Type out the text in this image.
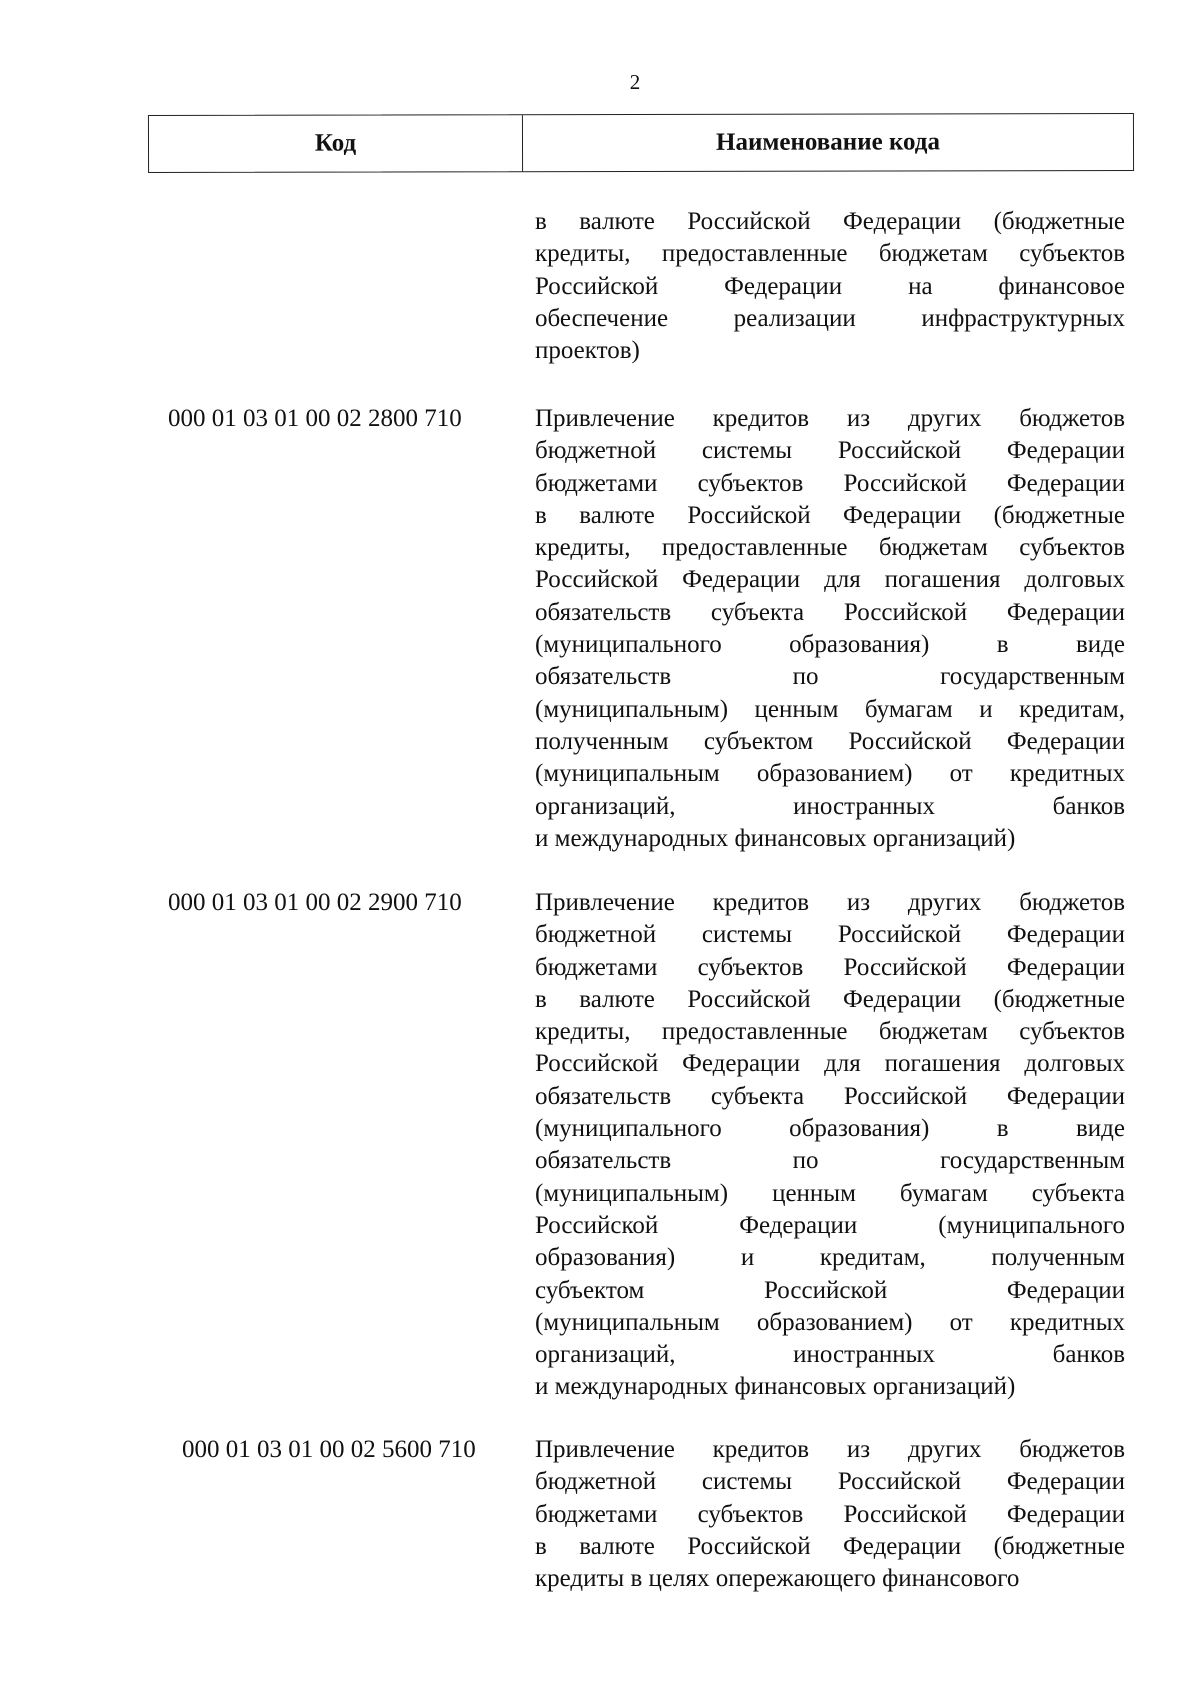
2
Код	Наименование кода
в валюте Российской Федерации (бюджетные
кредиты, предоставленные бюджетам субъектов
Российской Федерации на финансовое
обеспечение реализации инфраструктурных
проектов)
000 01 03 01 00 02 2800 710	Привлечение кредитов из других бюджетов
бюджетной системы Российской Федерации
бюджетами субъектов Российской Федерации
в валюте Российской Федерации (бюджетные
кредиты, предоставленные бюджетам субъектов
Российской Федерации для погашения долговых
обязательств субъекта Российской Федерации
(муниципального образования) в виде
обязательств по государственным
(муниципальным) ценным бумагам и кредитам,
полученным субъектом Российской Федерации
(муниципальным образованием) от кредитных
организаций, иностранных банков
и международных финансовых организаций)
000 01 03 01 00 02 2900 710	Привлечение кредитов из других бюджетов
бюджетной системы Российской Федерации
бюджетами субъектов Российской Федерации
в валюте Российской Федерации (бюджетные
кредиты, предоставленные бюджетам субъектов
Российской Федерации для погашения долговых
обязательств субъекта Российской Федерации
(муниципального образования) в виде
обязательств по государственным
(муниципальным) ценным бумагам субъекта
Российской Федерации (муниципального
образования) и кредитам, полученным
субъектом Российской Федерации
(муниципальным образованием) от кредитных
организаций, иностранных банков
и международных финансовых организаций)
000 01 03 01 00 02 5600 710	Привлечение кредитов из других бюджетов
бюджетной системы Российской Федерации
бюджетами субъектов Российской Федерации
в валюте Российской Федерации (бюджетные
кредиты в целях опережающего финансового
